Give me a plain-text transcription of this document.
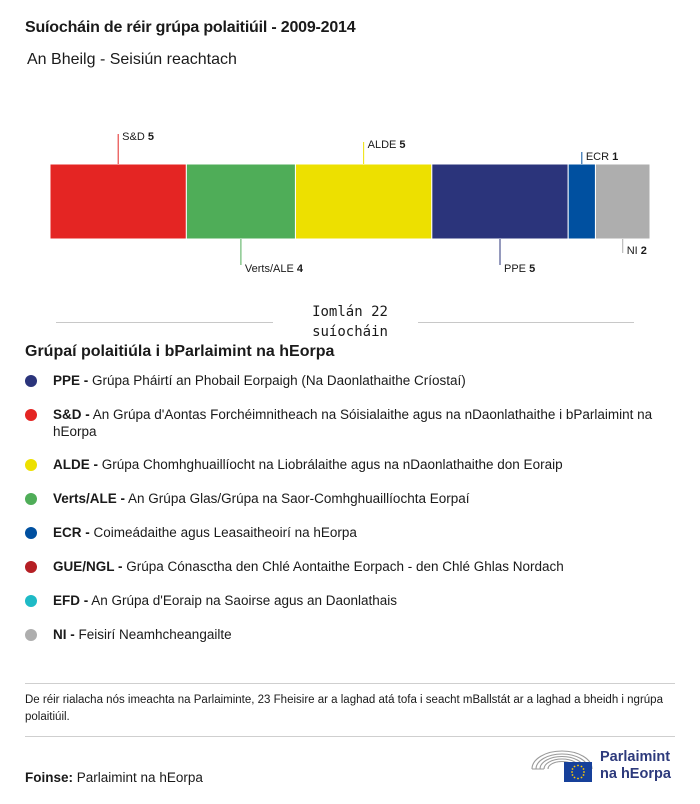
Suíocháin de réir grúpa polaitiúil - 2009-2014
An Bheilg - Seisiún reachtach
S&D 5
Verts/ALE 4
ALDE 5
PPE 5
ECR 1
NI 2
Iomlán 22
suíocháin
Grúpaí polaitiúla i bParlaimint na hEorpa
PPE - Grúpa Pháirtí an Phobail Eorpaigh (Na Daonlathaithe Críostaí)
S&D - An Grúpa d'Aontas Forchéimnitheach na Sóisialaithe agus na nDaonlathaithe i bParlaimint na hEorpa
ALDE - Grúpa Chomhghuaillíocht na Liobrálaithe agus na nDaonlathaithe don Eoraip
Verts/ALE - An Grúpa Glas/Grúpa na Saor-Comhghuaillíochta Eorpaí
ECR - Coimeádaithe agus Leasaitheoirí na hEorpa
GUE/NGL - Grúpa Cónasctha den Chlé Aontaithe Eorpach - den Chlé Ghlas Nordach
EFD - An Grúpa d'Eoraip na Saoirse agus an Daonlathais
NI - Feisirí Neamhcheangailte
De réir rialacha nós imeachta na Parlaiminte, 23 Fheisire ar a laghad atá tofa i seacht mBallstát ar a laghad a bheidh i ngrúpa polaitiúil.
Foinse: Parlaimint na hEorpa
Parlaimint
na hEorpa
